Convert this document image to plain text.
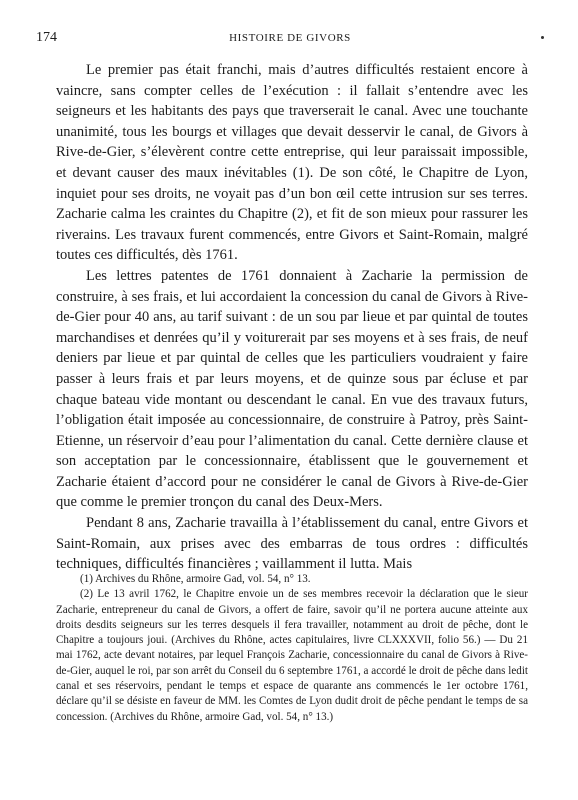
174	HISTOIRE DE GIVORS

Le premier pas était franchi, mais d’autres difficultés restaient encore à vaincre, sans compter celles de l’exécution : il fallait s’entendre avec les seigneurs et les habitants des pays que traverserait le canal. Avec une touchante unanimité, tous les bourgs et villages que devait desservir le canal, de Givors à Rive-de-Gier, s’élevèrent contre cette entreprise, qui leur paraissait impossible, et devant causer des maux inévitables (1). De son côté, le Chapitre de Lyon, inquiet pour ses droits, ne voyait pas d’un bon œil cette intrusion sur ses terres. Zacharie calma les craintes du Chapitre (2), et fit de son mieux pour rassurer les riverains. Les travaux furent commencés, entre Givors et Saint-Romain, malgré toutes ces difficultés, dès 1761.

Les lettres patentes de 1761 donnaient à Zacharie la permission de construire, à ses frais, et lui accordaient la concession du canal de Givors à Rive-de-Gier pour 40 ans, au tarif suivant : de un sou par lieue et par quintal de toutes marchandises et denrées qu’il y voiturerait par ses moyens et à ses frais, de neuf deniers par lieue et par quintal de celles que les particuliers voudraient y faire passer à leurs frais et par leurs moyens, et de quinze sous par écluse et par chaque bateau vide montant ou descendant le canal. En vue des travaux futurs, l’obligation était imposée au concessionnaire, de construire à Patroy, près Saint-Etienne, un réservoir d’eau pour l’alimentation du canal. Cette dernière clause et son acceptation par le concessionnaire, établissent que le gouvernement et Zacharie étaient d’accord pour ne considérer le canal de Givors à Rive-de-Gier que comme le premier tronçon du canal des Deux-Mers.

Pendant 8 ans, Zacharie travailla à l’établissement du canal, entre Givors et Saint-Romain, aux prises avec des embarras de tous ordres : difficultés techniques, difficultés financières ; vaillamment il lutta. Mais

(1) Archives du Rhône, armoire Gad, vol. 54, n° 13.

(2) Le 13 avril 1762, le Chapitre envoie un de ses membres recevoir la déclaration que le sieur Zacharie, entrepreneur du canal de Givors, a offert de faire, savoir qu’il ne portera aucune atteinte aux droits desdits seigneurs sur les terres desquels il fera travailler, notamment au droit de pêche, dont le Chapitre a toujours joui. (Archives du Rhône, actes capitulaires, livre CLXXXVII, folio 56.) — Du 21 mai 1762, acte devant notaires, par lequel François Zacharie, concessionnaire du canal de Givors à Rive-de-Gier, auquel le roi, par son arrêt du Conseil du 6 septembre 1761, a accordé le droit de pêche dans ledit canal et ses réservoirs, pendant le temps et espace de quarante ans commencés le 1er octobre 1761, déclare qu’il se désiste en faveur de MM. les Comtes de Lyon dudit droit de pêche pendant le temps de sa concession. (Archives du Rhône, armoire Gad, vol. 54, n° 13.)
